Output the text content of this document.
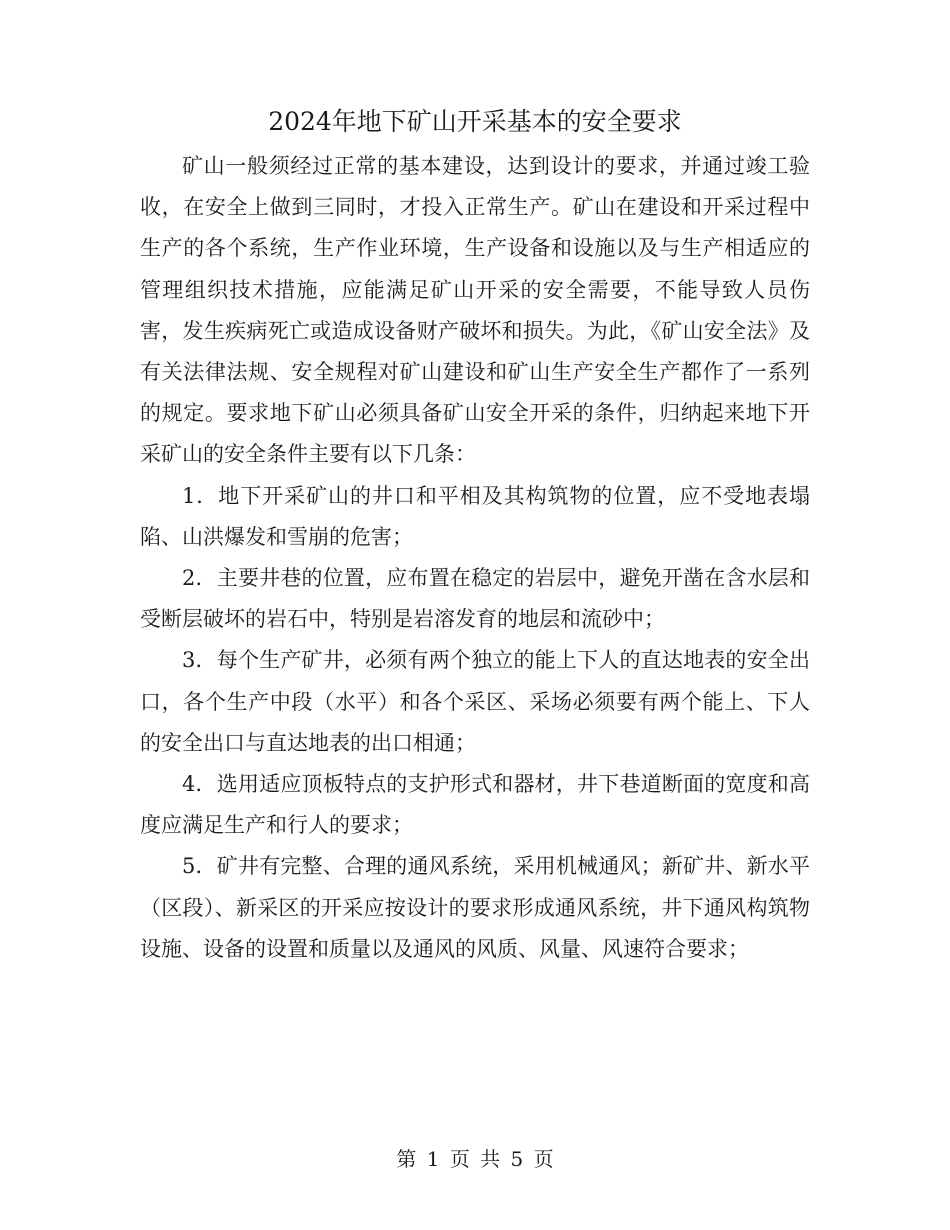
2024年地下矿山开采基本的安全要求

矿山一般须经过正常的基本建设，达到设计的要求，并通过竣工验收，在安全上做到三同时，才投入正常生产。矿山在建设和开采过程中生产的各个系统，生产作业环境，生产设备和设施以及与生产相适应的管理组织技术措施，应能满足矿山开采的安全需要，不能导致人员伤害，发生疾病死亡或造成设备财产破坏和损失。为此，《矿山安全法》及有关法律法规、安全规程对矿山建设和矿山生产安全生产都作了一系列的规定。要求地下矿山必须具备矿山安全开采的条件，归纳起来地下开采矿山的安全条件主要有以下几条：

1．地下开采矿山的井口和平相及其构筑物的位置，应不受地表塌陷、山洪爆发和雪崩的危害；

2．主要井巷的位置，应布置在稳定的岩层中，避免开凿在含水层和受断层破坏的岩石中，特别是岩溶发育的地层和流砂中；

3．每个生产矿井，必须有两个独立的能上下人的直达地表的安全出口，各个生产中段（水平）和各个采区、采场必须要有两个能上、下人的安全出口与直达地表的出口相通；

4．选用适应顶板特点的支护形式和器材，井下巷道断面的宽度和高度应满足生产和行人的要求；

5．矿井有完整、合理的通风系统，采用机械通风；新矿井、新水平（区段）、新采区的开采应按设计的要求形成通风系统，井下通风构筑物设施、设备的设置和质量以及通风的风质、风量、风速符合要求；

第 1 页 共 5 页
